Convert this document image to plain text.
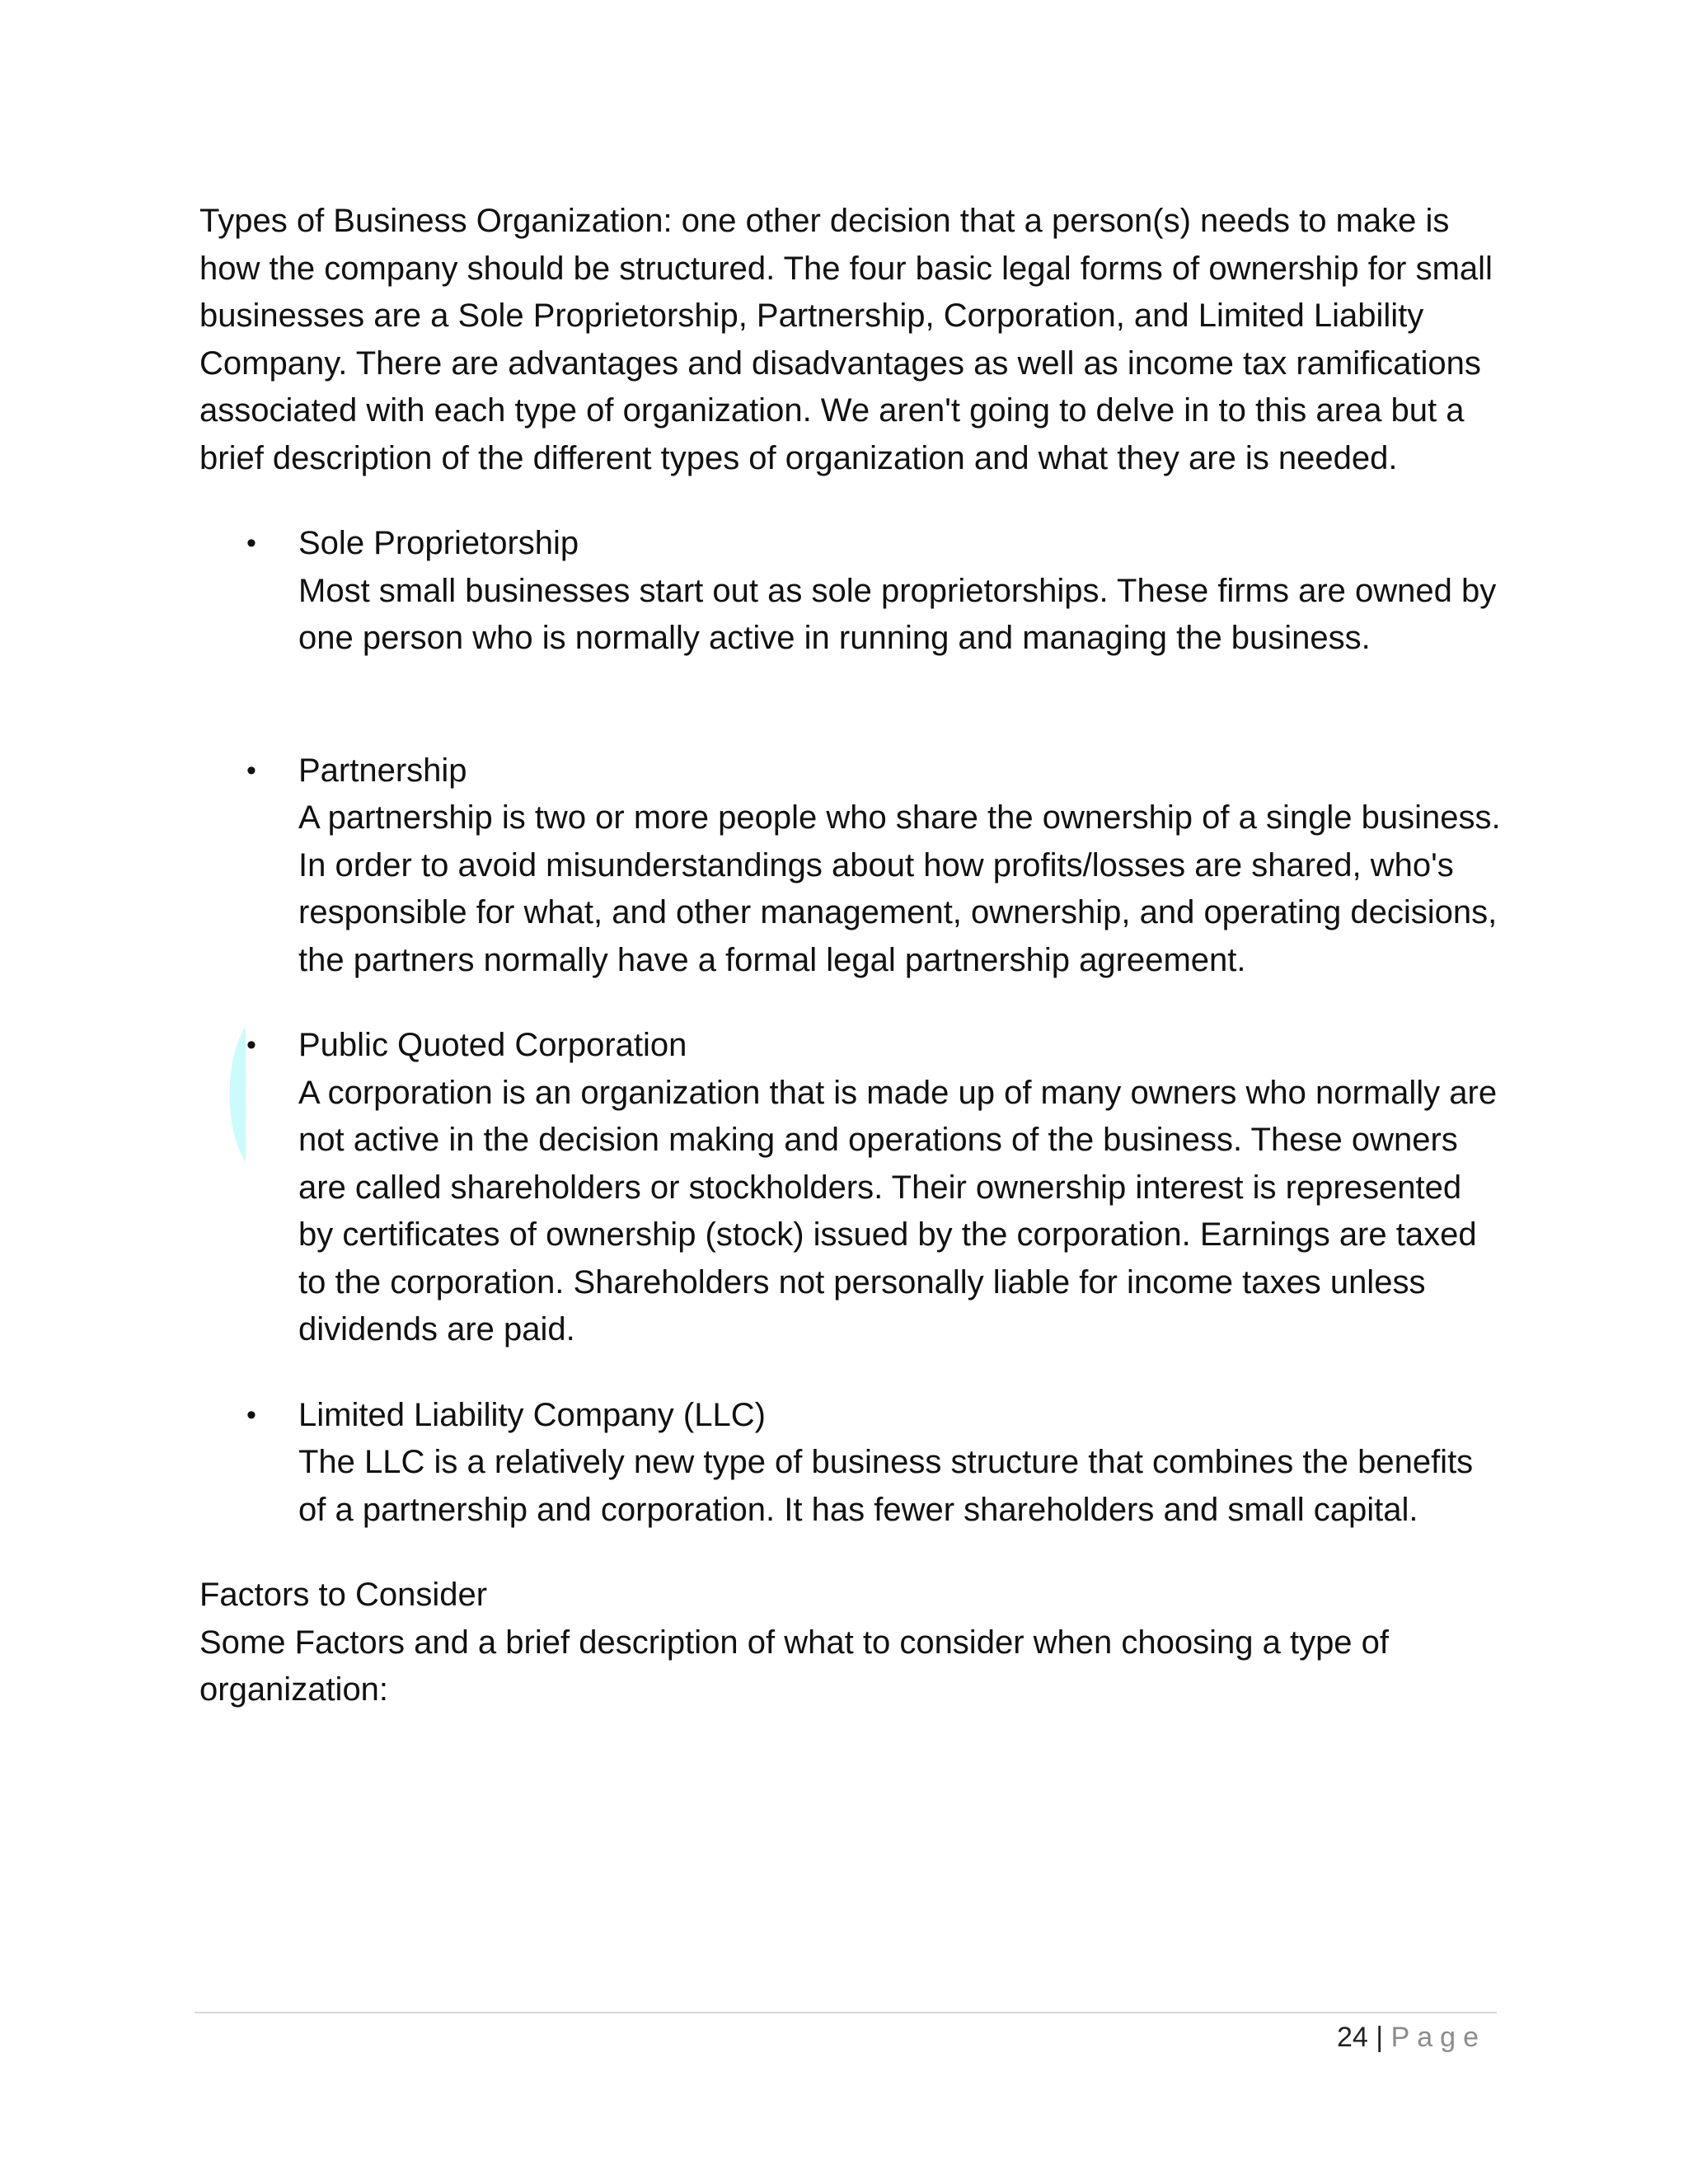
Types of Business Organization: one other decision that a person(s) needs to make is how the company should be structured. The four basic legal forms of ownership for small businesses are a Sole Proprietorship, Partnership, Corporation, and Limited Liability Company. There are advantages and disadvantages as well as income tax ramifications associated with each type of organization. We aren't going to delve in to this area but a brief description of the different types of organization and what they are is needed.

• Sole Proprietorship
Most small businesses start out as sole proprietorships. These firms are owned by one person who is normally active in running and managing the business.
• Partnership
A partnership is two or more people who share the ownership of a single business. In order to avoid misunderstandings about how profits/losses are shared, who's responsible for what, and other management, ownership, and operating decisions, the partners normally have a formal legal partnership agreement.
• Public Quoted Corporation
A corporation is an organization that is made up of many owners who normally are not active in the decision making and operations of the business. These owners are called shareholders or stockholders. Their ownership interest is represented by certificates of ownership (stock) issued by the corporation. Earnings are taxed to the corporation. Shareholders not personally liable for income taxes unless dividends are paid.
• Limited Liability Company (LLC)
The LLC is a relatively new type of business structure that combines the benefits of a partnership and corporation. It has fewer shareholders and small capital.

Factors to Consider
Some Factors and a brief description of what to consider when choosing a type of organization:

24 | Page
